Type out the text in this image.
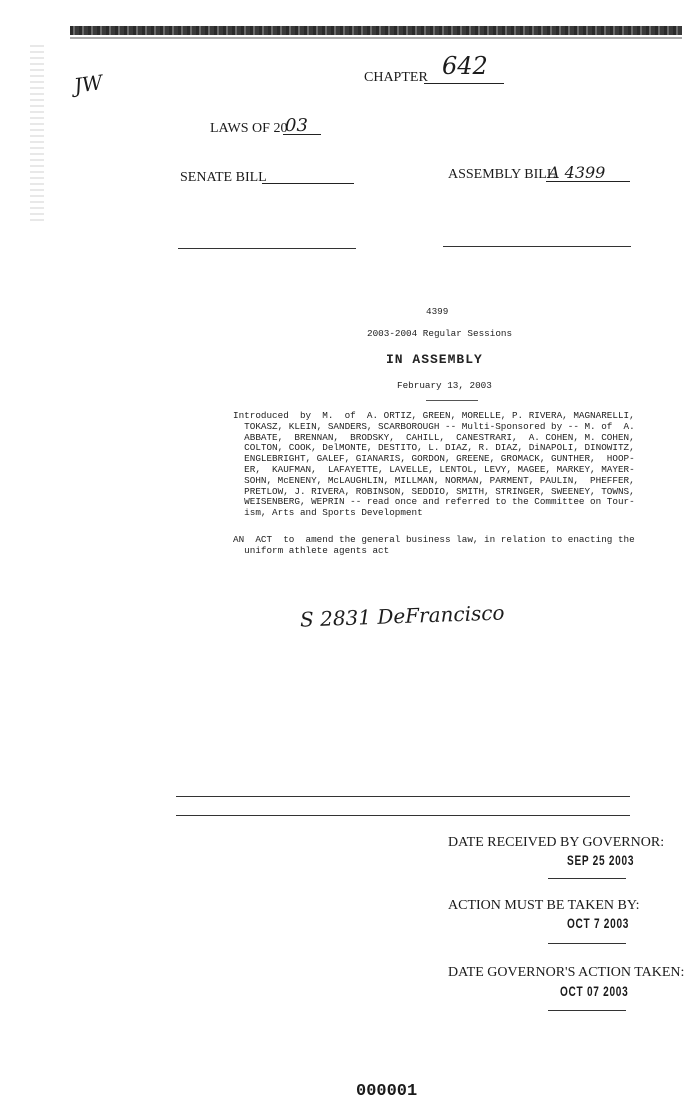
JW	CHAPTER 642
LAWS OF 20
03
SENATE BILL	ASSEMBLY BILL
A 4399
4399
2003-2004 Regular Sessions
IN ASSEMBLY
February 13, 2003

Introduced  by  M.  of  A. ORTIZ, GREEN, MORELLE, P. RIVERA, MAGNARELLI,

TOKASZ, KLEIN, SANDERS, SCARBOROUGH -- Multi-Sponsored by -- M. of  A.

ABBATE,  BRENNAN,  BRODSKY,  CAHILL,  CANESTRARI,  A. COHEN, M. COHEN,

COLTON, COOK, DelMONTE, DESTITO, L. DIAZ, R. DIAZ, DiNAPOLI, DINOWITZ,

ENGLEBRIGHT, GALEF, GIANARIS, GORDON, GREENE, GROMACK, GUNTHER,  HOOP-

ER,  KAUFMAN,  LAFAYETTE, LAVELLE, LENTOL, LEVY, MAGEE, MARKEY, MAYER-

SOHN, McENENY, McLAUGHLIN, MILLMAN, NORMAN, PARMENT, PAULIN,  PHEFFER,

PRETLOW, J. RIVERA, ROBINSON, SEDDIO, SMITH, STRINGER, SWEENEY, TOWNS,

WEISENBERG, WEPRIN -- read once and referred to the Committee on Tour-

ism, Arts and Sports Development

AN  ACT  to  amend the general business law, in relation to enacting the

uniform athlete agents act

S 2831 DeFrancisco
DATE RECEIVED BY GOVERNOR:
SEP 25 2003
ACTION MUST BE TAKEN BY:
OCT 7 2003
DATE GOVERNOR'S ACTION TAKEN:
OCT 07 2003
000001
